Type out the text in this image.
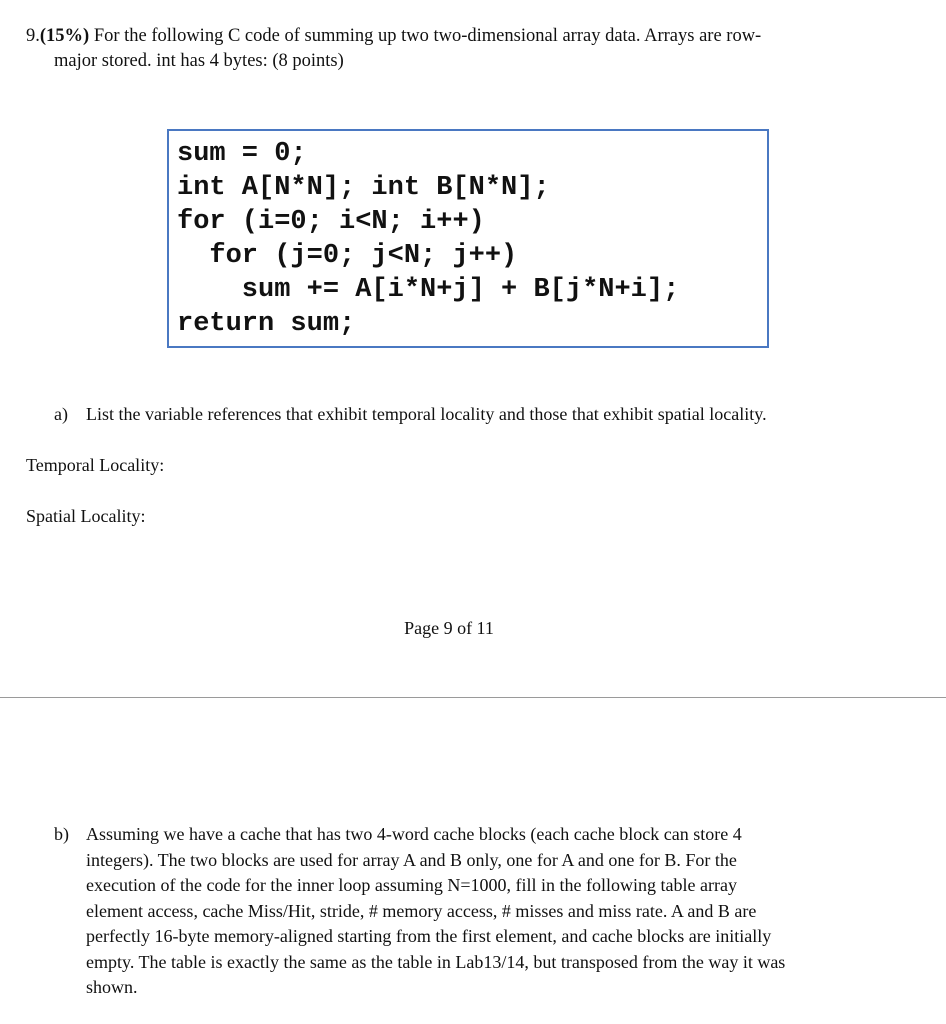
9.(15%) For the following C code of summing up two two-dimensional array data. Arrays are row-
major stored. int has 4 bytes: (8 points)
sum = 0;
int A[N*N]; int B[N*N];
for (i=0; i<N; i++)
for (j=0; j<N; j++)
sum += A[i*N+j] + B[j*N+i];
return sum;
a) List the variable references that exhibit temporal locality and those that exhibit spatial locality.
Temporal Locality:
Spatial Locality:
Page 9 of 11
b) Assuming we have a cache that has two 4-word cache blocks (each cache block can store 4
integers). The two blocks are used for array A and B only, one for A and one for B. For the
execution of the code for the inner loop assuming N=1000, fill in the following table array
element access, cache Miss/Hit, stride, # memory access, # misses and miss rate. A and B are
perfectly 16-byte memory-aligned starting from the first element, and cache blocks are initially
empty. The table is exactly the same as the table in Lab13/14, but transposed from the way it was
shown.
